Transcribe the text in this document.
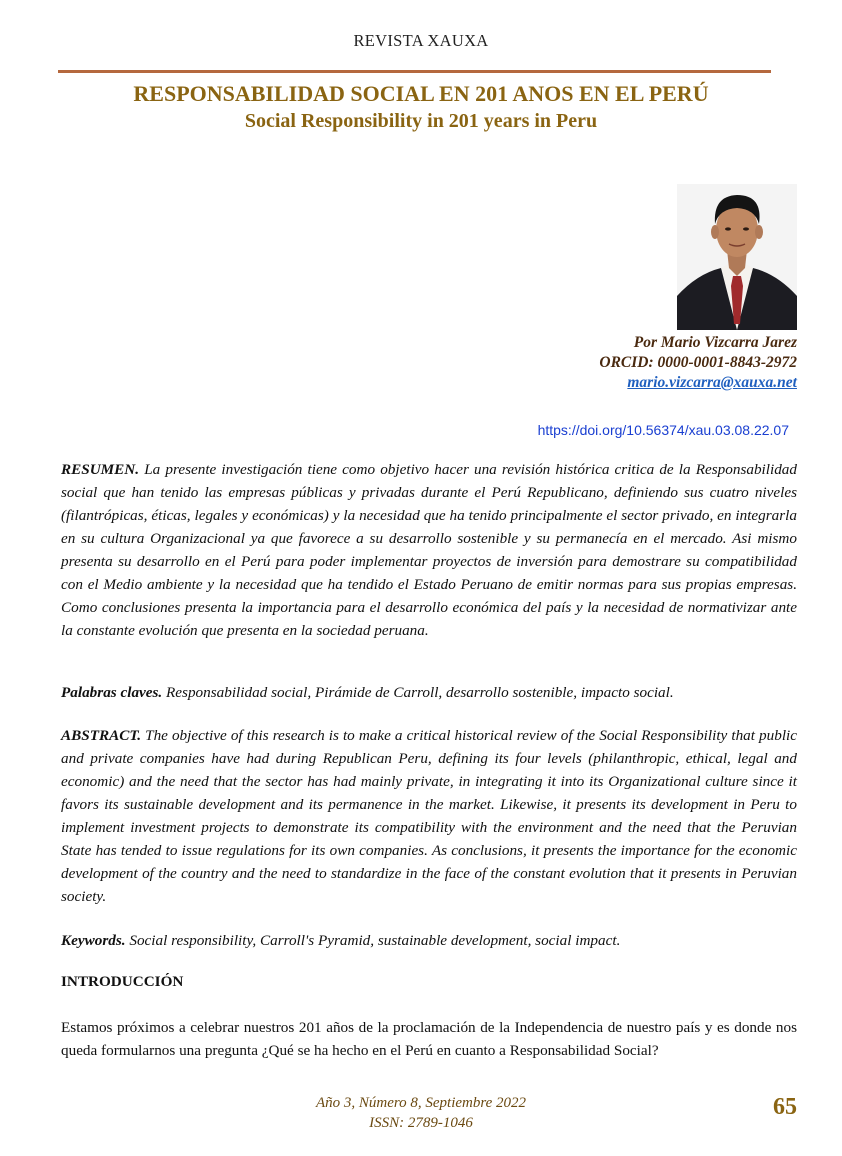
REVISTA XAUXA
RESPONSABILIDAD SOCIAL EN 201 ANOS EN EL PERÚ
Social Responsibility in 201 years in Peru
Por Mario Vizcarra Jarez
ORCID: 0000-0001-8843-2972
mario.vizcarra@xauxa.net
https://doi.org/10.56374/xau.03.08.22.07

RESUMEN. La presente investigación tiene como objetivo hacer una revisión histórica critica de la Responsabilidad social que han tenido las empresas públicas y privadas durante el Perú Republicano, definiendo sus cuatro niveles (filantrópicas, éticas, legales y económicas) y la necesidad que ha tenido principalmente el sector privado, en integrarla en su cultura Organizacional ya que favorece a su desarrollo sostenible y su permanecía en el mercado. Asi mismo presenta su desarrollo en el Perú para poder implementar proyectos de inversión para demostrare su compatibilidad con el Medio ambiente y la necesidad que ha tendido el Estado Peruano de emitir normas para sus propias empresas. Como conclusiones presenta la importancia para el desarrollo económica del país y la necesidad de normativizar ante la constante evolución que presenta en la sociedad peruana.

Palabras claves. Responsabilidad social, Pirámide de Carroll, desarrollo sostenible, impacto social.

ABSTRACT. The objective of this research is to make a critical historical review of the Social Responsibility that public and private companies have had during Republican Peru, defining its four levels (philanthropic, ethical, legal and economic) and the need that the sector has had mainly private, in integrating it into its Organizational culture since it favors its sustainable development and its permanence in the market. Likewise, it presents its development in Peru to implement investment projects to demonstrate its compatibility with the environment and the need that the Peruvian State has tended to issue regulations for its own companies. As conclusions, it presents the importance for the economic development of the country and the need to standardize in the face of the constant evolution that it presents in Peruvian society.

Keywords. Social responsibility, Carroll's Pyramid, sustainable development, social impact.

INTRODUCCIÓN

Estamos próximos a celebrar nuestros 201 años de la proclamación de la Independencia de nuestro país y es donde nos queda formularnos una pregunta ¿Qué se ha hecho en el Perú en cuanto a Responsabilidad Social?

Año 3, Número 8, Septiembre 2022
ISSN: 2789-1046
65
